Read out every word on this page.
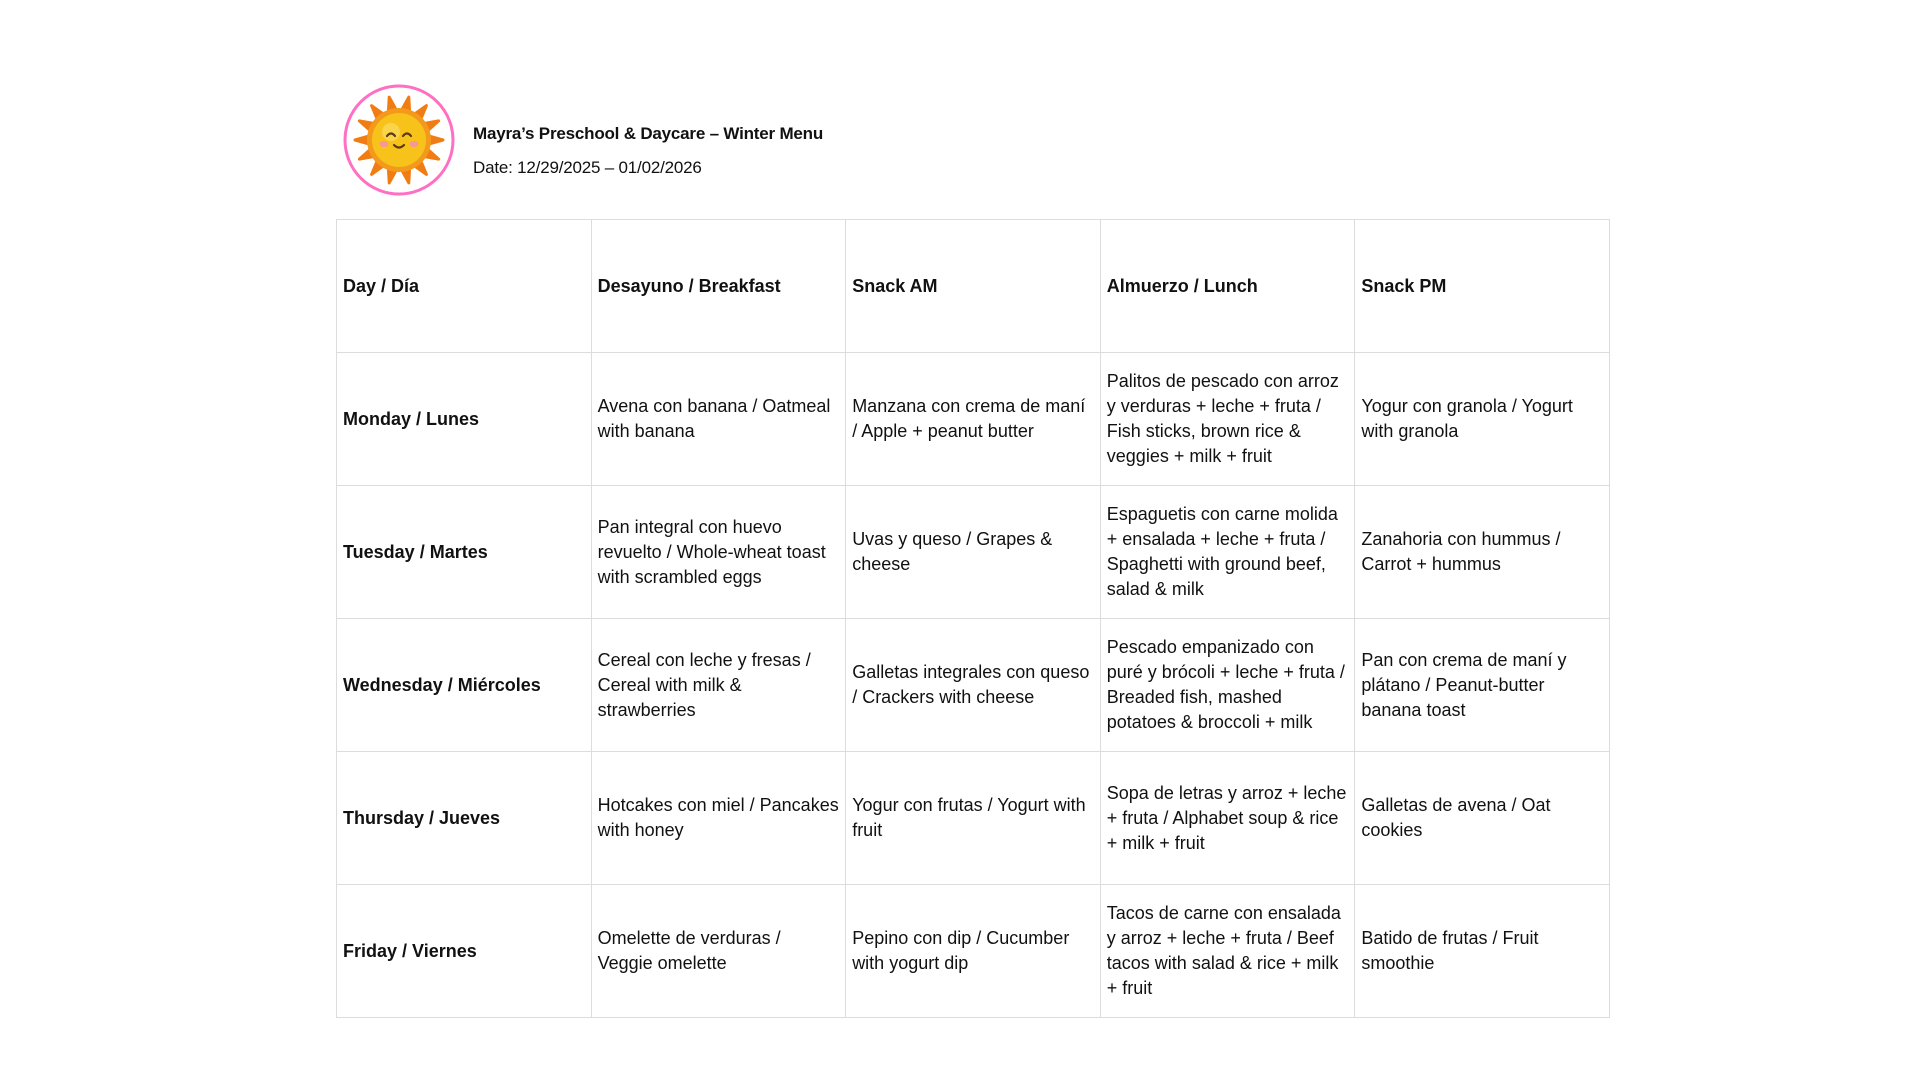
Mayra’s Preschool & Daycare – Winter Menu
Date: 12/29/2025 – 01/02/2026
Day / Día	Desayuno / Breakfast	Snack AM	Almuerzo / Lunch	Snack PM
Monday / Lunes	Avena con banana / Oatmeal with banana	Manzana con crema de maní / Apple + peanut butter	Palitos de pescado con arroz y verduras + leche + fruta / Fish sticks, brown rice & veggies + milk + fruit	Yogur con granola / Yogurt with granola
Tuesday / Martes	Pan integral con huevo revuelto / Whole-wheat toast with scrambled eggs	Uvas y queso / Grapes & cheese	Espaguetis con carne molida + ensalada + leche + fruta / Spaghetti with ground beef, salad & milk	Zanahoria con hummus / Carrot + hummus
Wednesday / Miércoles	Cereal con leche y fresas / Cereal with milk & strawberries	Galletas integrales con queso / Crackers with cheese	Pescado empanizado con puré y brócoli + leche + fruta / Breaded fish, mashed potatoes & broccoli + milk	Pan con crema de maní y plátano / Peanut-butter banana toast
Thursday / Jueves	Hotcakes con miel / Pancakes with honey	Yogur con frutas / Yogurt with fruit	Sopa de letras y arroz + leche + fruta / Alphabet soup & rice + milk + fruit	Galletas de avena / Oat cookies
Friday / Viernes	Omelette de verduras / Veggie omelette	Pepino con dip / Cucumber with yogurt dip	Tacos de carne con ensalada y arroz + leche + fruta / Beef tacos with salad & rice + milk + fruit	Batido de frutas / Fruit smoothie
